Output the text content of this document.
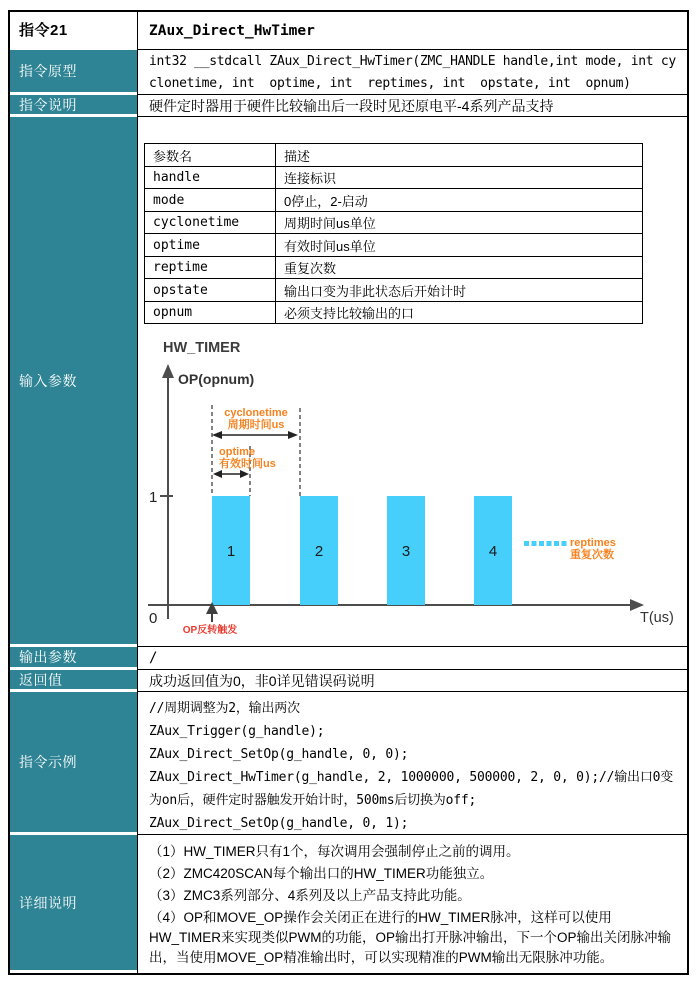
指令21	ZAux_Direct_HwTimer
指令原型
int32 __stdcall ZAux_Direct_HwTimer(ZMC_HANDLE handle,int mode, int cyclonetime, int  optime, int  reptimes, int  opstate, int  opnum)
指令说明	硬件定时器用于硬件比较输出后一段时见还原电平-4系列产品支持
输入参数
参数名	描述
handle	连接标识
mode	0停止，2-启动
cyclonetime	周期时间us单位
optime	有效时间us单位
reptime	重复次数
opstate	输出口变为非此状态后开始计时
opnum	必须支持比较输出的口
HW_TIMER
OP(opnum)
T(us)
1
0
1	2	3	4
cyclonetime
周期时间us
optime
有效时间us
reptimes
重复次数
OP反转触发
输出参数	/
返回值	成功返回值为0，非0详见错误码说明
指令示例
//周期调整为2，输出两次
ZAux_Trigger(g_handle);
ZAux_Direct_SetOp(g_handle, 0, 0);
ZAux_Direct_HwTimer(g_handle, 2, 1000000, 500000, 2, 0, 0);//输出口0变为on后，硬件定时器触发开始计时，500ms后切换为off;
ZAux_Direct_SetOp(g_handle, 0, 1);
详细说明

（1）HW_TIMER只有1个，每次调用会强制停止之前的调用。

（2）ZMC420SCAN每个输出口的HW_TIMER功能独立。

（3）ZMC3系列部分、4系列及以上产品支持此功能。

（4）OP和MOVE_OP操作会关闭正在进行的HW_TIMER脉冲，这样可以使用HW_TIMER来实现类似PWM的功能，OP输出打开脉冲输出，下一个OP输出关闭脉冲输出，当使用MOVE_OP精准输出时，可以实现精准的PWM输出无限脉冲功能。
